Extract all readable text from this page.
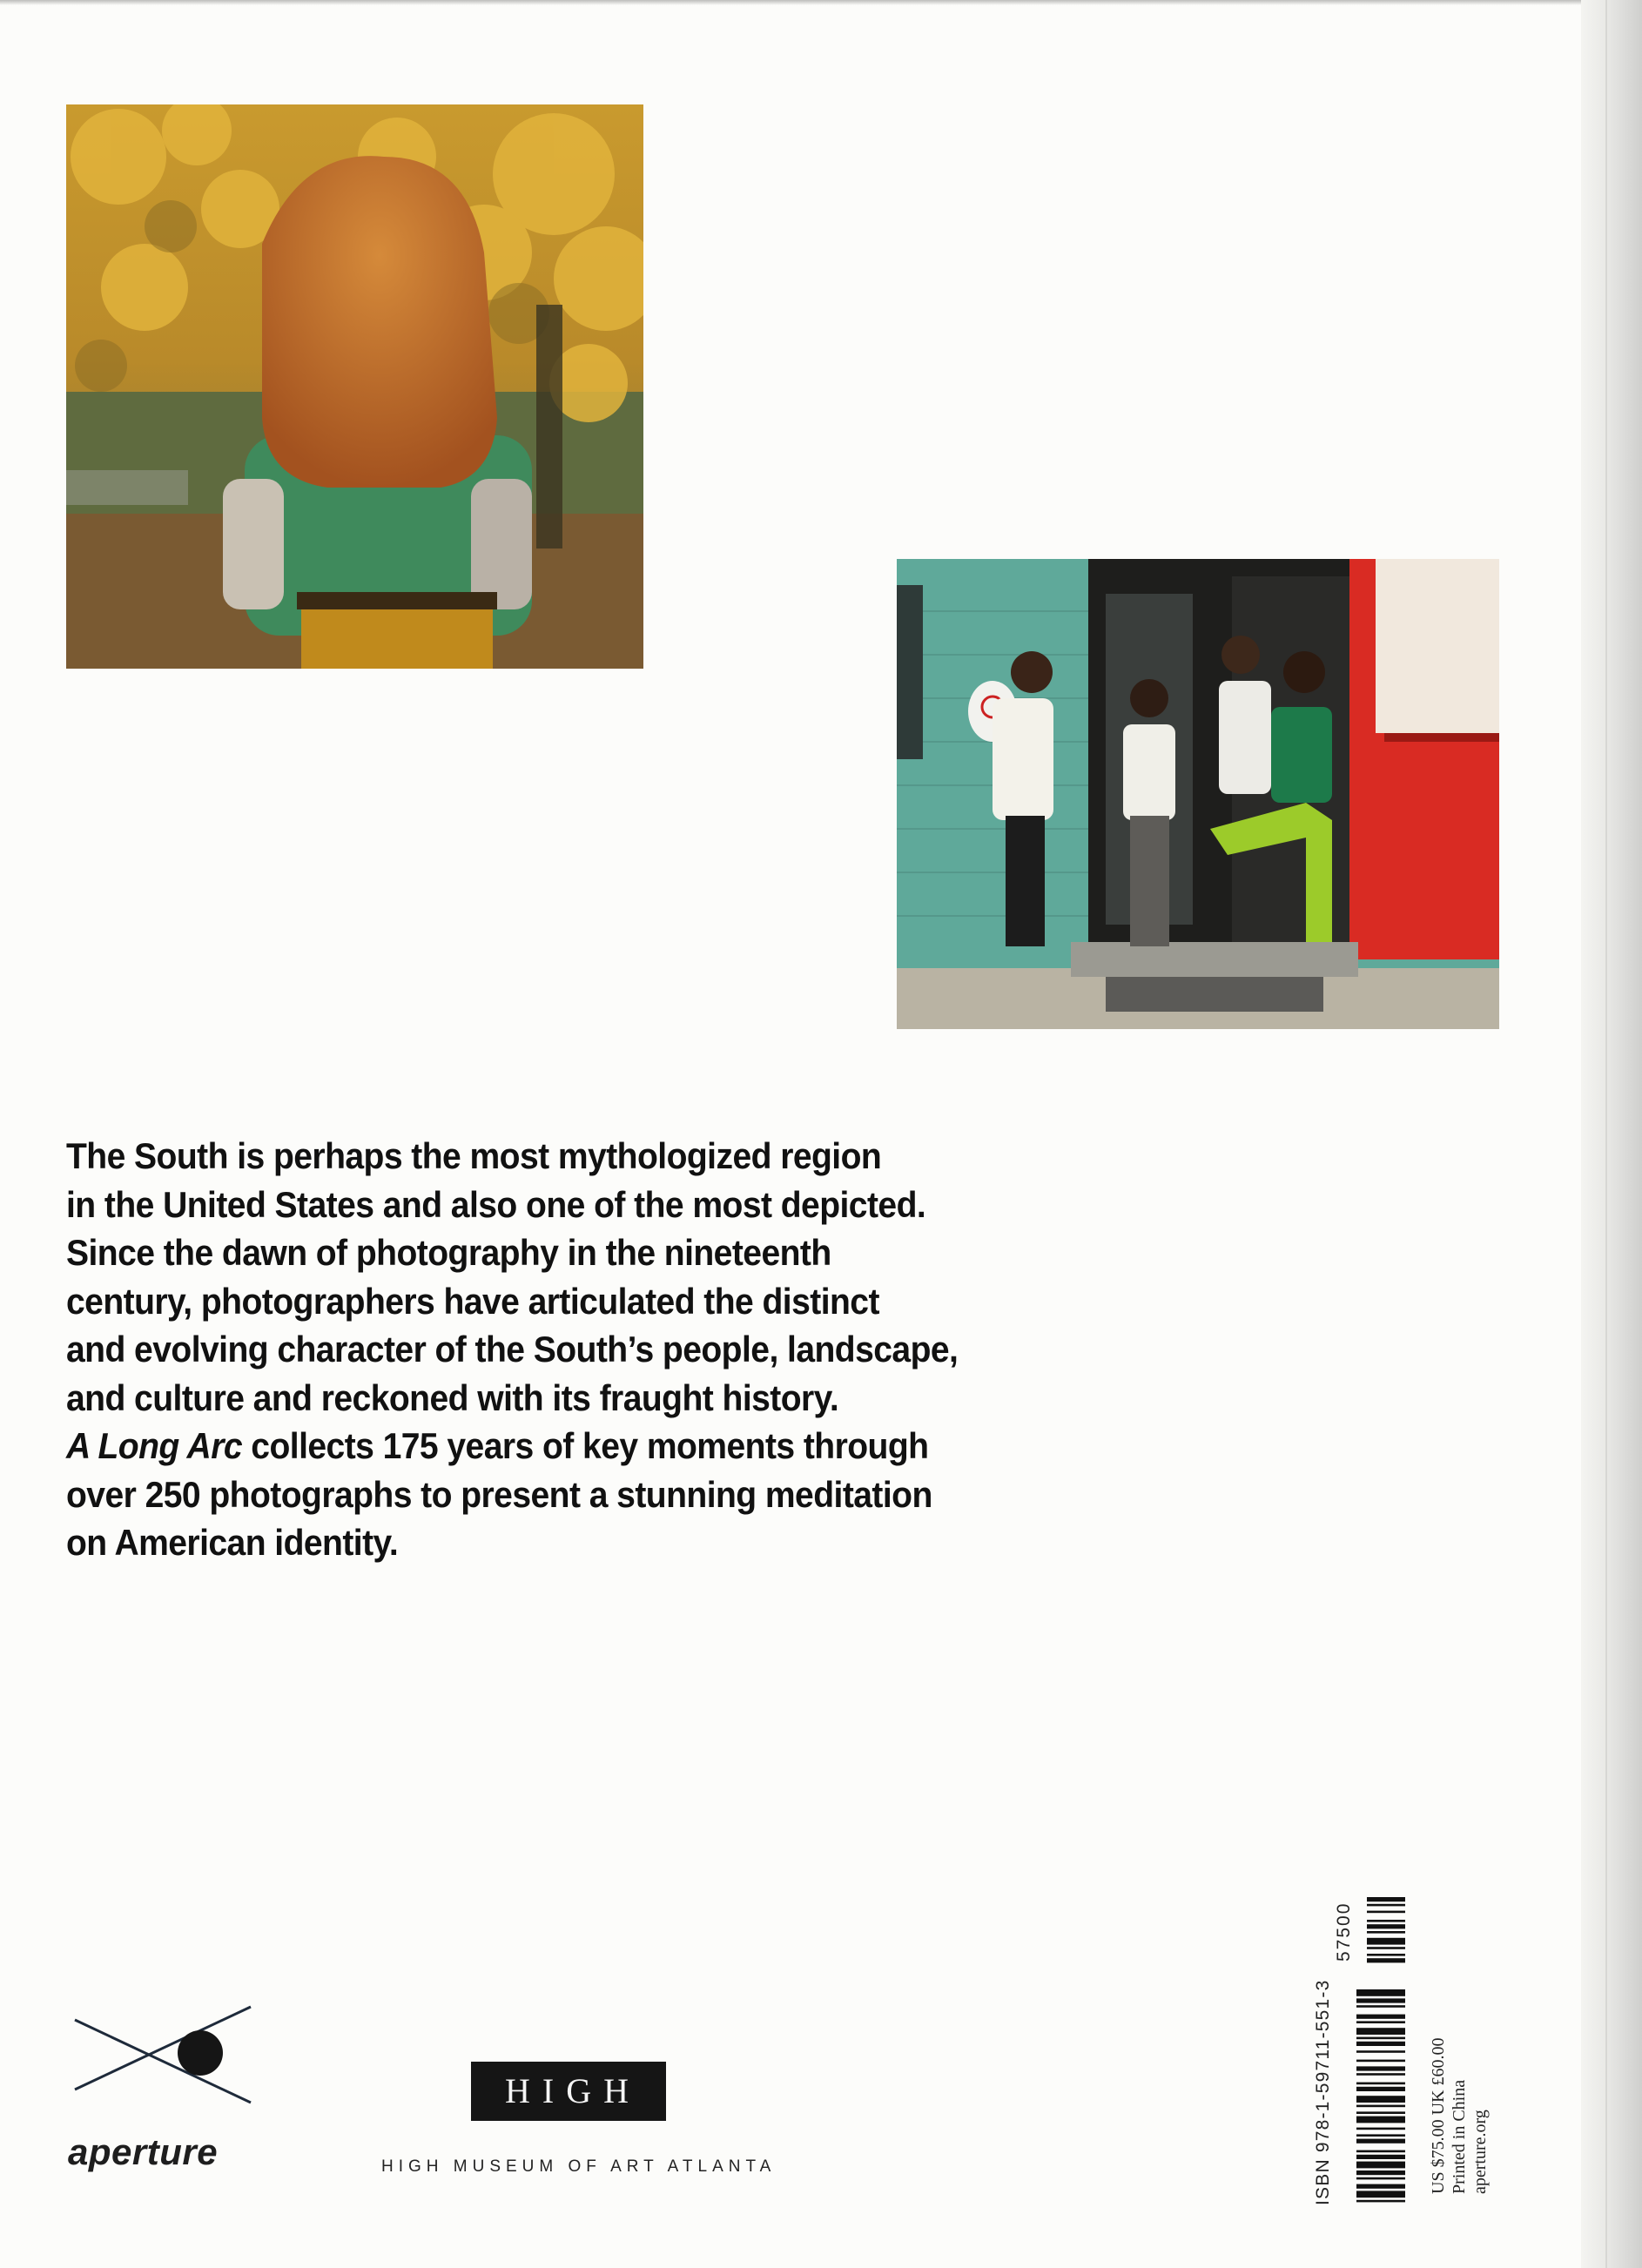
The South is perhaps the most mythologized region
in the United States and also one of the most depicted.
Since the dawn of photography in the nineteenth
century, photographers have articulated the distinct
and evolving character of the South’s people, landscape,
and culture and reckoned with its fraught history.
A Long Arc collects 175 years of key moments through
over 250 photographs to present a stunning meditation
on American identity.
aperture
HIGH
HIGH MUSEUM OF ART ATLANTA	ISBN 978-1-59711-551-3
57500
US $75.00 UK £60.00 Printed in China aperture.org
